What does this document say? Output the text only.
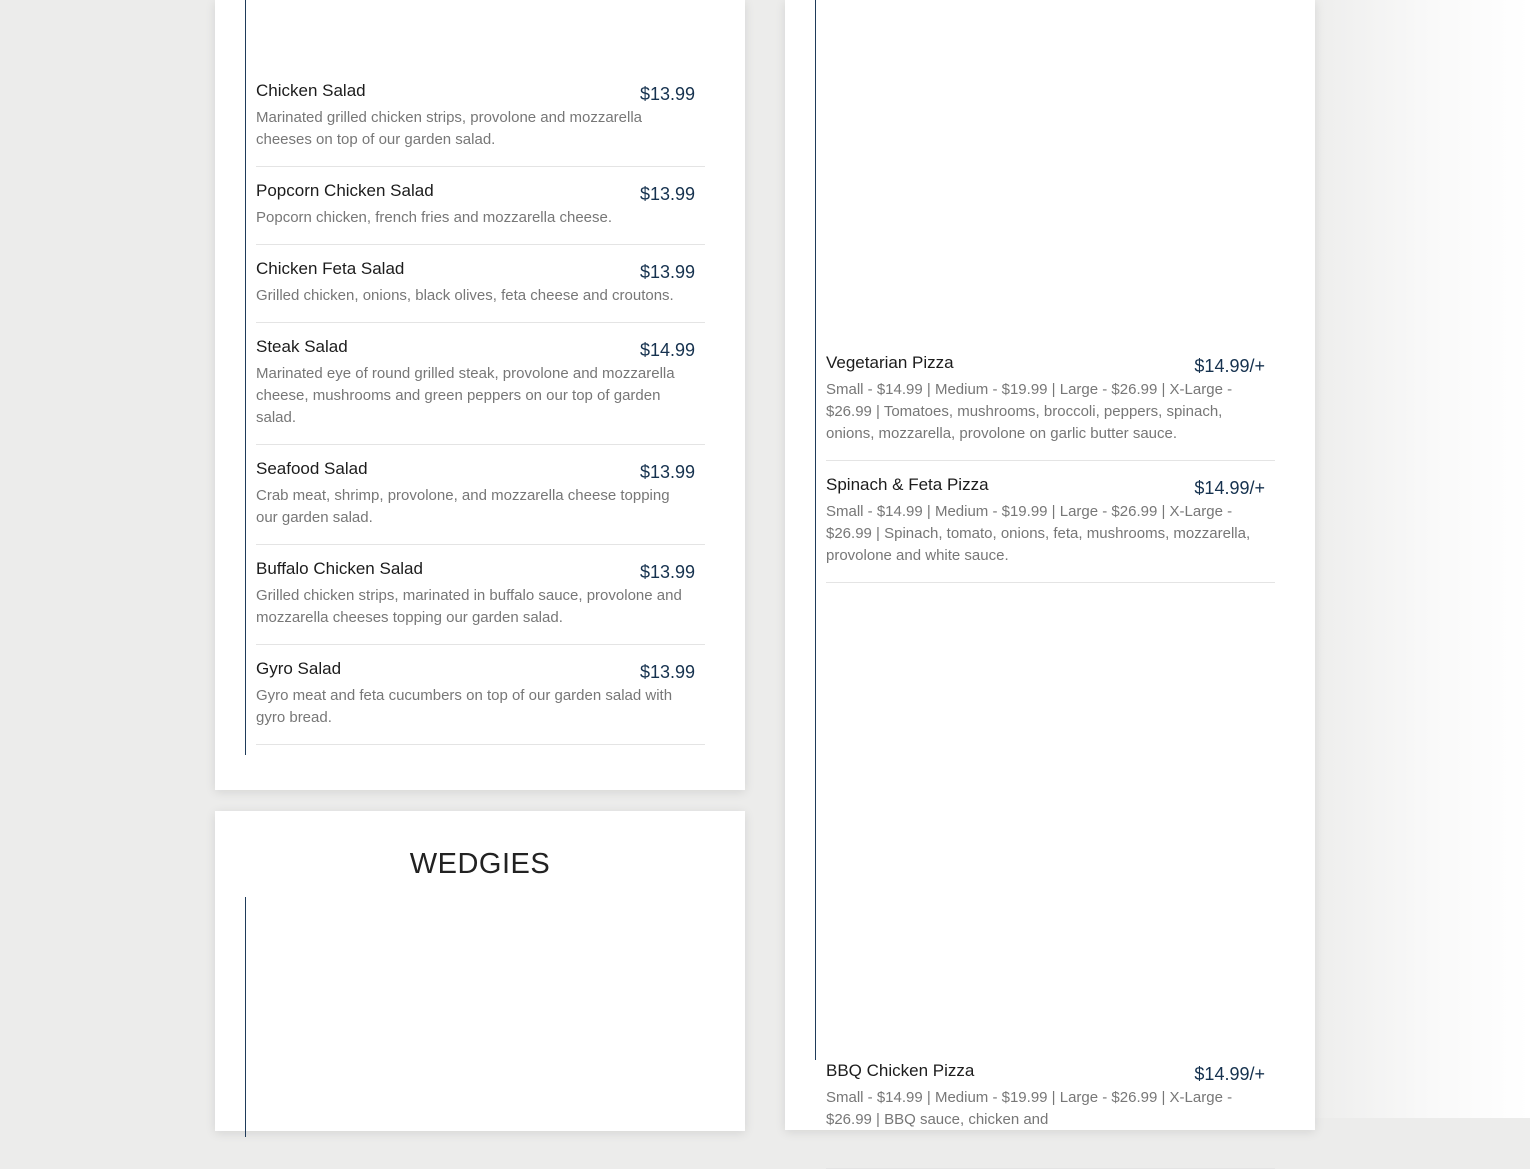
Chicken Salad	$13.99
Marinated grilled chicken strips, provolone and mozzarella cheeses on top of our garden salad.
Popcorn Chicken Salad	$13.99
Popcorn chicken, french fries and mozzarella cheese.
Chicken Feta Salad	$13.99
Grilled chicken, onions, black olives, feta cheese and croutons.
Steak Salad	$14.99
Marinated eye of round grilled steak, provolone and mozzarella cheese, mushrooms and green peppers on our top of garden salad.
Seafood Salad	$13.99
Crab meat, shrimp, provolone, and mozzarella cheese topping our garden salad.
Buffalo Chicken Salad	$13.99
Grilled chicken strips, marinated in buffalo sauce, provolone and mozzarella cheeses topping our garden salad.
Gyro Salad	$13.99
Gyro meat and feta cucumbers on top of our garden salad with gyro bread.
WEDGIES
Vegetarian Pizza	$14.99/+
Small - $14.99 | Medium - $19.99 | Large - $26.99 | X-Large - $26.99 | Tomatoes, mushrooms, broccoli, peppers, spinach, onions, mozzarella, provolone on garlic butter sauce.
Spinach & Feta Pizza	$14.99/+
Small - $14.99 | Medium - $19.99 | Large - $26.99 | X-Large - $26.99 | Spinach, tomato, onions, feta, mushrooms, mozzarella, provolone and white sauce.
BBQ Chicken Pizza	$14.99/+
Small - $14.99 | Medium - $19.99 | Large - $26.99 | X-Large - $26.99 | BBQ sauce, chicken and
